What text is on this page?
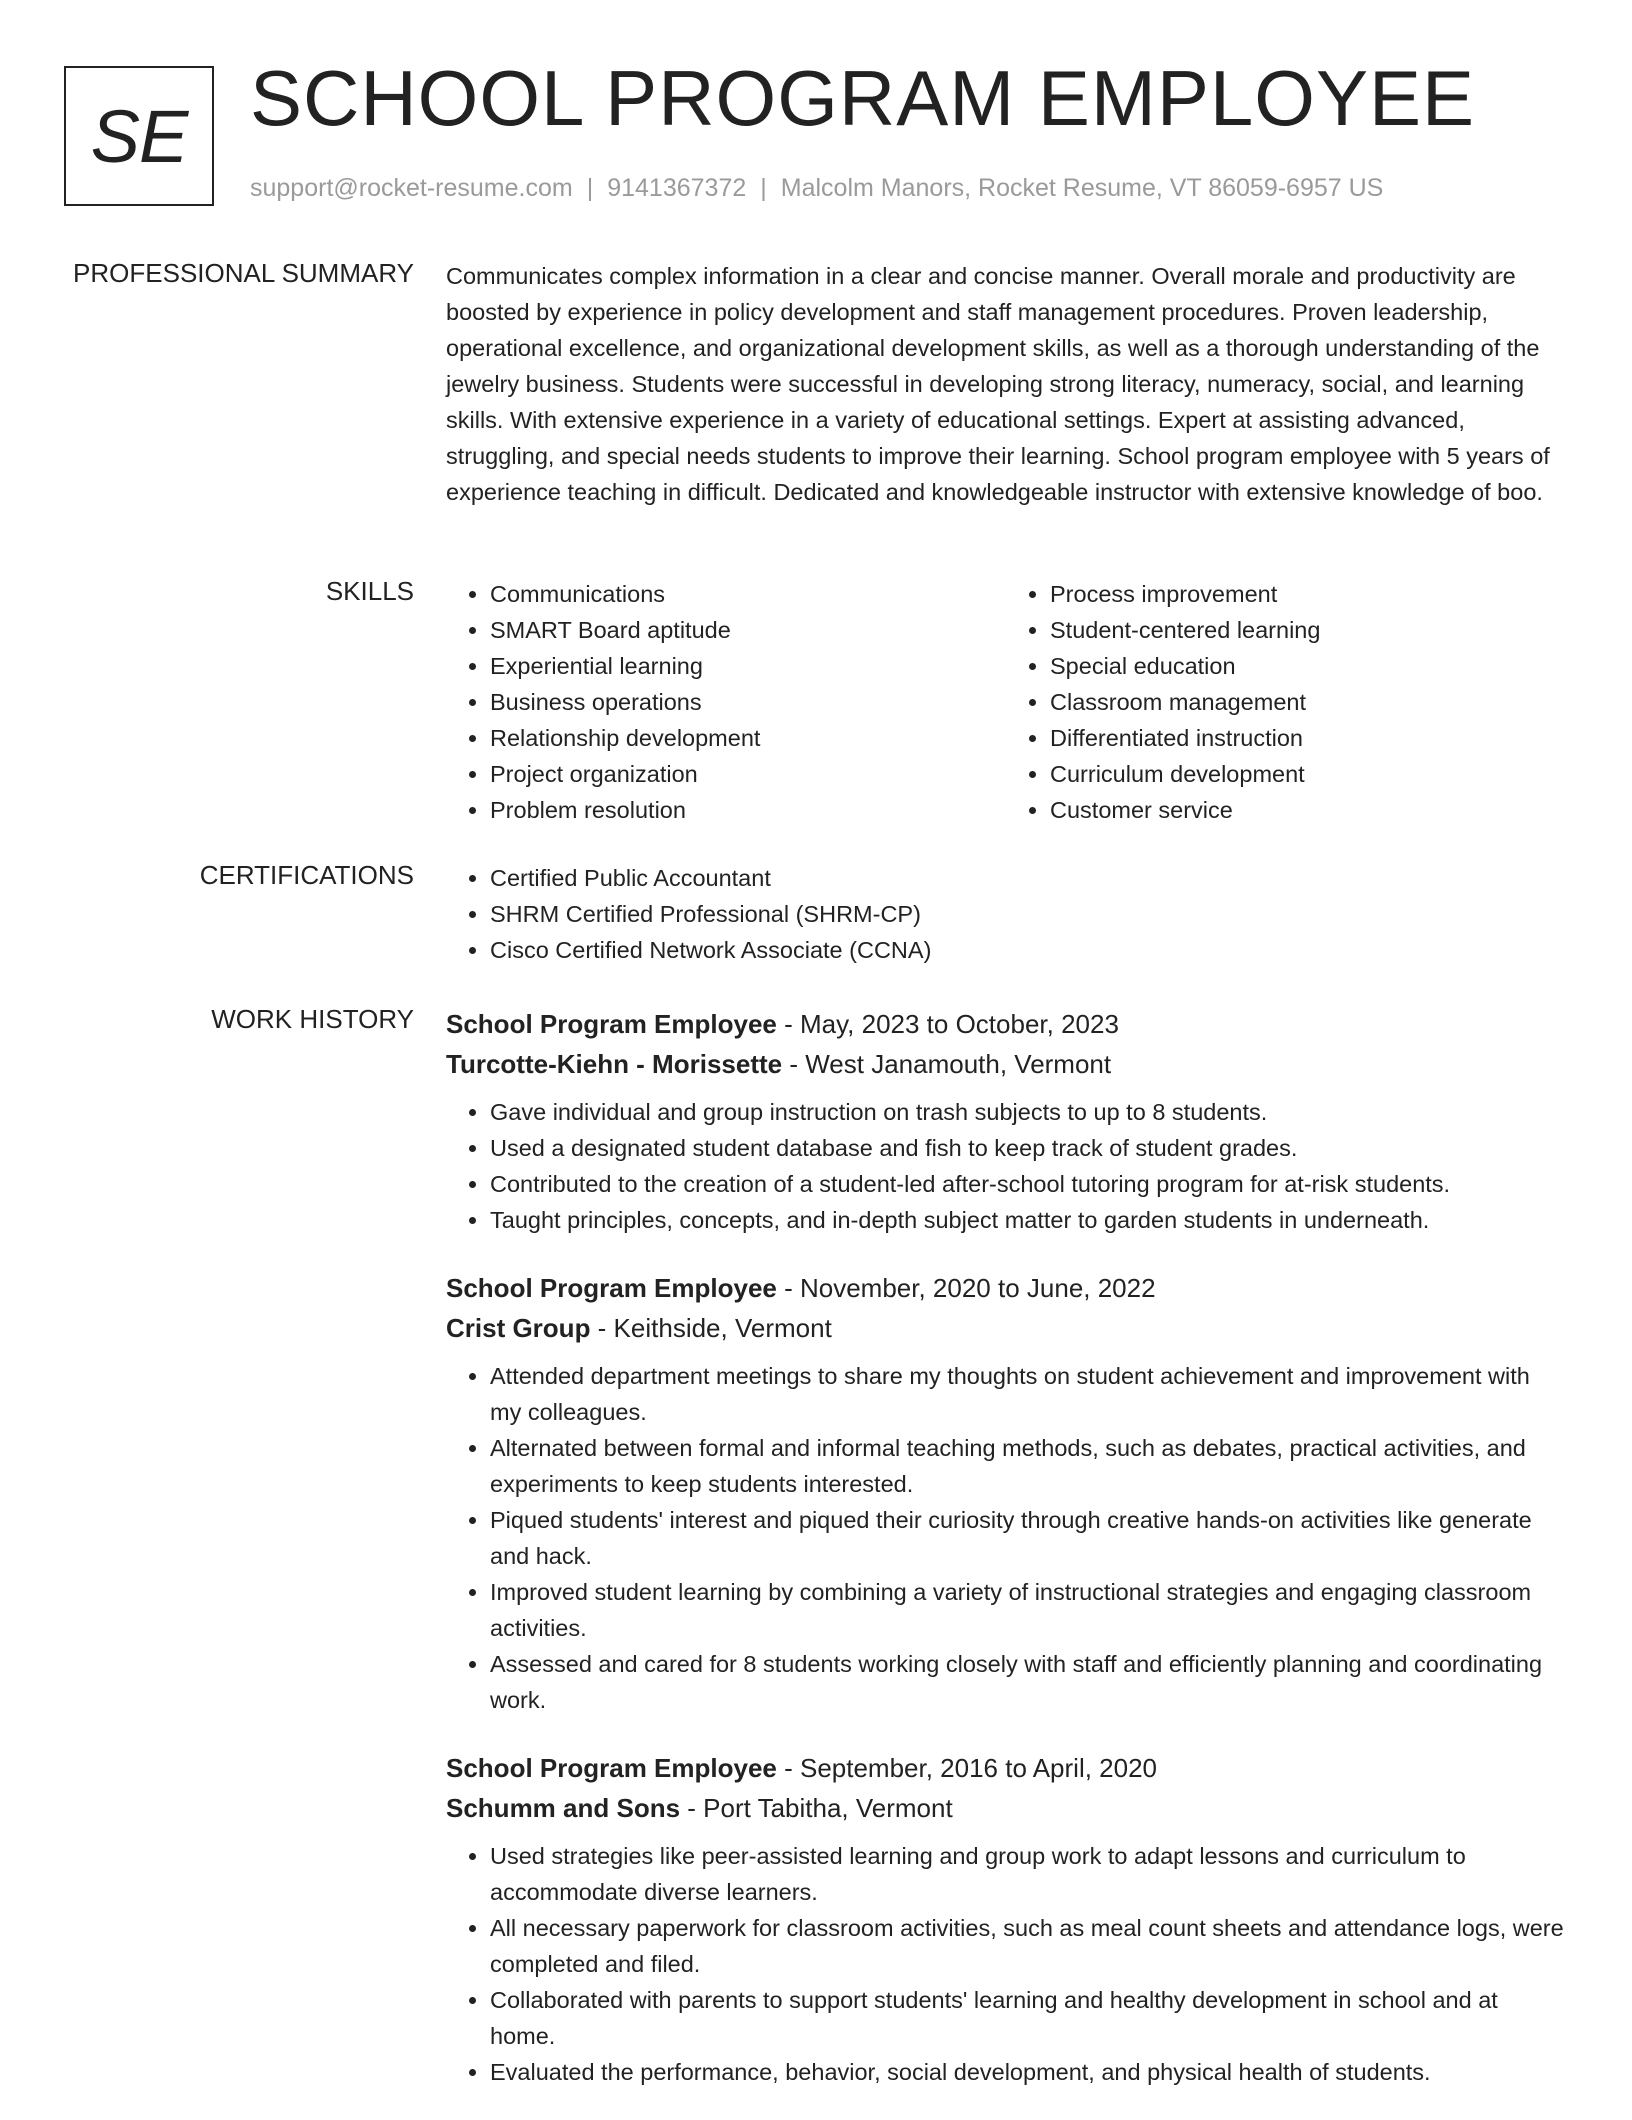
SE SCHOOL PROGRAM EMPLOYEE
support@rocket-resume.com | 9141367372 | Malcolm Manors, Rocket Resume, VT 86059-6957 US
PROFESSIONAL SUMMARY Communicates complex information in a clear and concise manner. Overall morale and productivity are boosted by experience in policy development and staff management procedures. Proven leadership, operational excellence, and organizational development skills, as well as a thorough understanding of the jewelry business. Students were successful in developing strong literacy, numeracy, social, and learning skills. With extensive experience in a variety of educational settings. Expert at assisting advanced, struggling, and special needs students to improve their learning. School program employee with 5 years of experience teaching in difficult. Dedicated and knowledgeable instructor with extensive knowledge of boo.
SKILLS	• Communications
• SMART Board aptitude
• Experiential learning
• Business operations
• Relationship development
• Project organization
• Problem resolution
• Process improvement
• Student-centered learning
• Special education
• Classroom management
• Differentiated instruction
• Curriculum development
• Customer service
CERTIFICATIONS	• Certified Public Accountant
• SHRM Certified Professional (SHRM-CP)
• Cisco Certified Network Associate (CCNA)
WORK HISTORY School Program Employee - May, 2023 to October, 2023
Turcotte-Kiehn - Morissette - West Janamouth, Vermont
• Gave individual and group instruction on trash subjects to up to 8 students.
• Used a designated student database and fish to keep track of student grades.
• Contributed to the creation of a student-led after-school tutoring program for at-risk students.
• Taught principles, concepts, and in-depth subject matter to garden students in underneath.
School Program Employee - November, 2020 to June, 2022
Crist Group - Keithside, Vermont
• Attended department meetings to share my thoughts on student achievement and improvement with my colleagues.
• Alternated between formal and informal teaching methods, such as debates, practical activities, and experiments to keep students interested.
• Piqued students' interest and piqued their curiosity through creative hands-on activities like generate and hack.
• Improved student learning by combining a variety of instructional strategies and engaging classroom activities.
• Assessed and cared for 8 students working closely with staff and efficiently planning and coordinating work.
School Program Employee - September, 2016 to April, 2020
Schumm and Sons - Port Tabitha, Vermont
• Used strategies like peer-assisted learning and group work to adapt lessons and curriculum to accommodate diverse learners.
• All necessary paperwork for classroom activities, such as meal count sheets and attendance logs, were completed and filed.
• Collaborated with parents to support students' learning and healthy development in school and at home.
• Evaluated the performance, behavior, social development, and physical health of students.
